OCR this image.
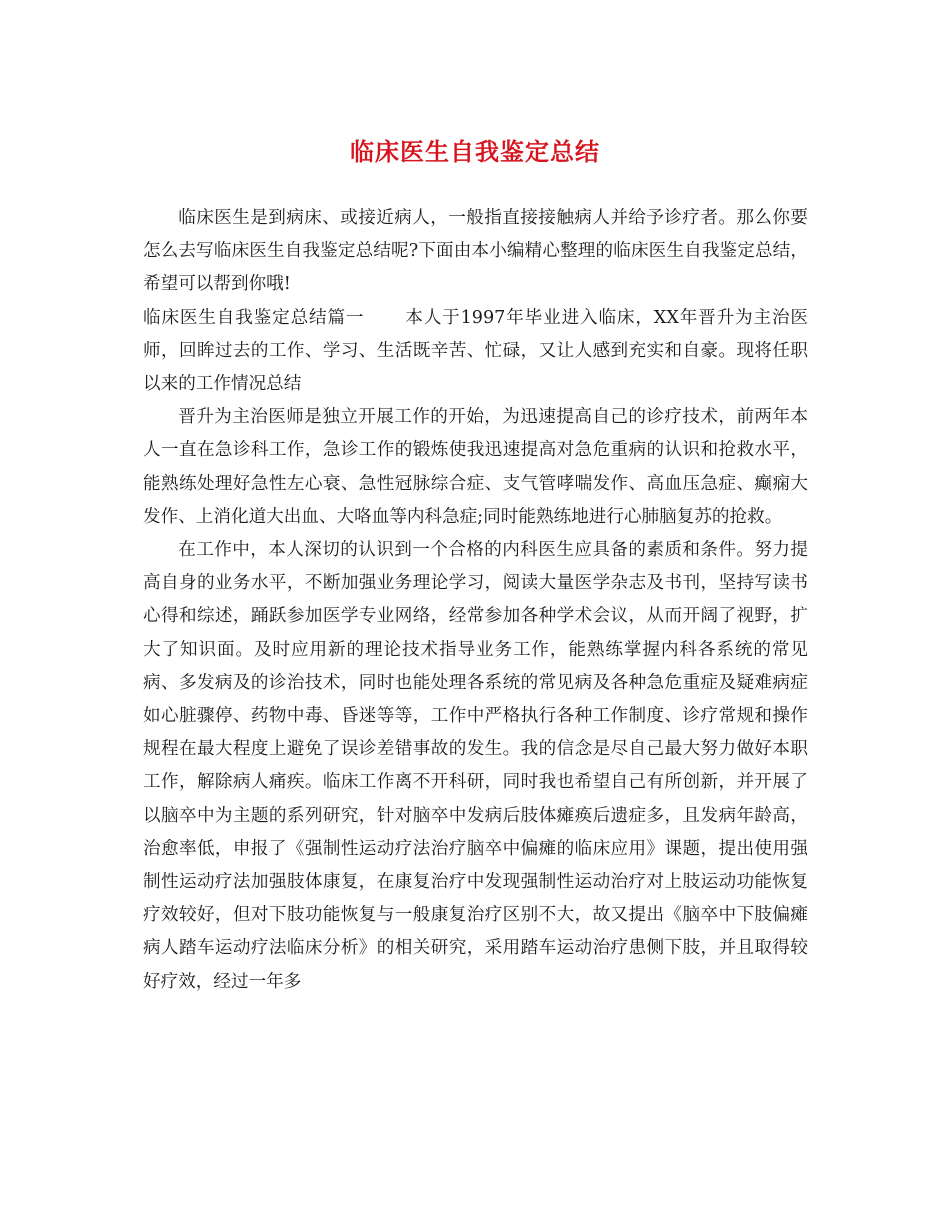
临床医生自我鉴定总结

临床医生是到病床、或接近病人，一般指直接接触病人并给予诊疗者。那么你要怎么去写临床医生自我鉴定总结呢?下面由本小编精心整理的临床医生自我鉴定总结，希望可以帮到你哦!

临床医生自我鉴定总结篇一 本人于1997年毕业进入临床，XX年晋升为主治医师，回眸过去的工作、学习、生活既辛苦、忙碌，又让人感到充实和自豪。现将任职以来的工作情况总结

晋升为主治医师是独立开展工作的开始，为迅速提高自己的诊疗技术，前两年本人一直在急诊科工作，急诊工作的锻炼使我迅速提高对急危重病的认识和抢救水平，能熟练处理好急性左心衰、急性冠脉综合症、支气管哮喘发作、高血压急症、癫痫大发作、上消化道大出血、大咯血等内科急症;同时能熟练地进行心肺脑复苏的抢救。

在工作中，本人深切的认识到一个合格的内科医生应具备的素质和条件。努力提高自身的业务水平，不断加强业务理论学习，阅读大量医学杂志及书刊，坚持写读书心得和综述，踊跃参加医学专业网络，经常参加各种学术会议，从而开阔了视野，扩大了知识面。及时应用新的理论技术指导业务工作，能熟练掌握内科各系统的常见病、多发病及的诊治技术，同时也能处理各系统的常见病及各种急危重症及疑难病症如心脏骤停、药物中毒、昏迷等等，工作中严格执行各种工作制度、诊疗常规和操作规程在最大程度上避免了误诊差错事故的发生。我的信念是尽自己最大努力做好本职工作，解除病人痛疾。临床工作离不开科研，同时我也希望自己有所创新，并开展了以脑卒中为主题的系列研究，针对脑卒中发病后肢体瘫痪后遗症多，且发病年龄高，治愈率低，申报了《强制性运动疗法治疗脑卒中偏瘫的临床应用》课题，提出使用强制性运动疗法加强肢体康复，在康复治疗中发现强制性运动治疗对上肢运动功能恢复疗效较好，但对下肢功能恢复与一般康复治疗区别不大，故又提出《脑卒中下肢偏瘫病人踏车运动疗法临床分析》的相关研究，采用踏车运动治疗患侧下肢，并且取得较好疗效，经过一年多
